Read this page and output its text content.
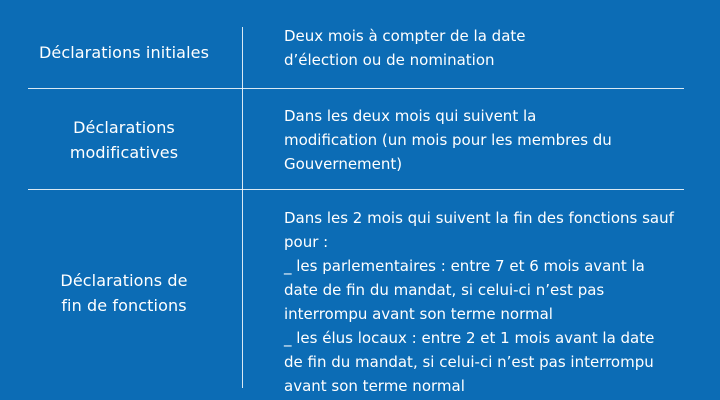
Déclarations initiales
Deux mois à compter de la date
d’élection ou de nomination
Déclarations
modificatives
Dans les deux mois qui suivent la
modification (un mois pour les membres du
Gouvernement)
Déclarations de
fin de fonctions
Dans les 2 mois qui suivent la fin des fonctions sauf
pour :
_ les parlementaires : entre 7 et 6 mois avant la
date de fin du mandat, si celui-ci n’est pas
interrompu avant son terme normal
_ les élus locaux : entre 2 et 1 mois avant la date
de fin du mandat, si celui-ci n’est pas interrompu
avant son terme normal
